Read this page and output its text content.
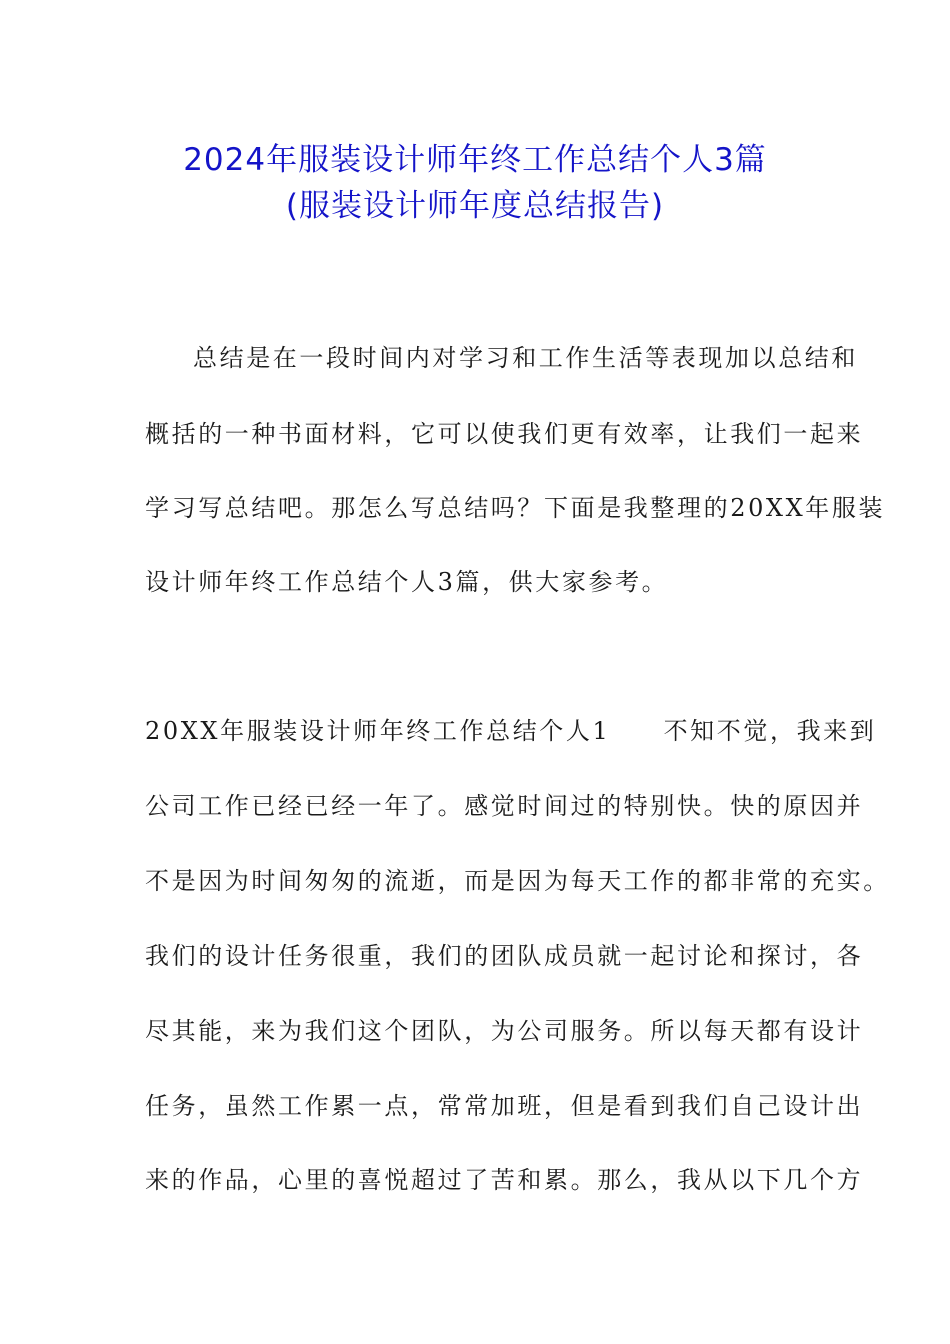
2024年服装设计师年终工作总结个人3篇
(服装设计师年度总结报告)
总结是在一段时间内对学习和工作生活等表现加以总结和
概括的一种书面材料，它可以使我们更有效率，让我们一起来
学习写总结吧。那怎么写总结吗？下面是我整理的20XX年服装
设计师年终工作总结个人3篇，供大家参考。
20XX年服装设计师年终工作总结个人1　　不知不觉，我来到
公司工作已经已经一年了。感觉时间过的特别快。快的原因并
不是因为时间匆匆的流逝，而是因为每天工作的都非常的充实。
我们的设计任务很重，我们的团队成员就一起讨论和探讨，各
尽其能，来为我们这个团队，为公司服务。所以每天都有设计
任务，虽然工作累一点，常常加班，但是看到我们自己设计出
来的作品，心里的喜悦超过了苦和累。那么，我从以下几个方
